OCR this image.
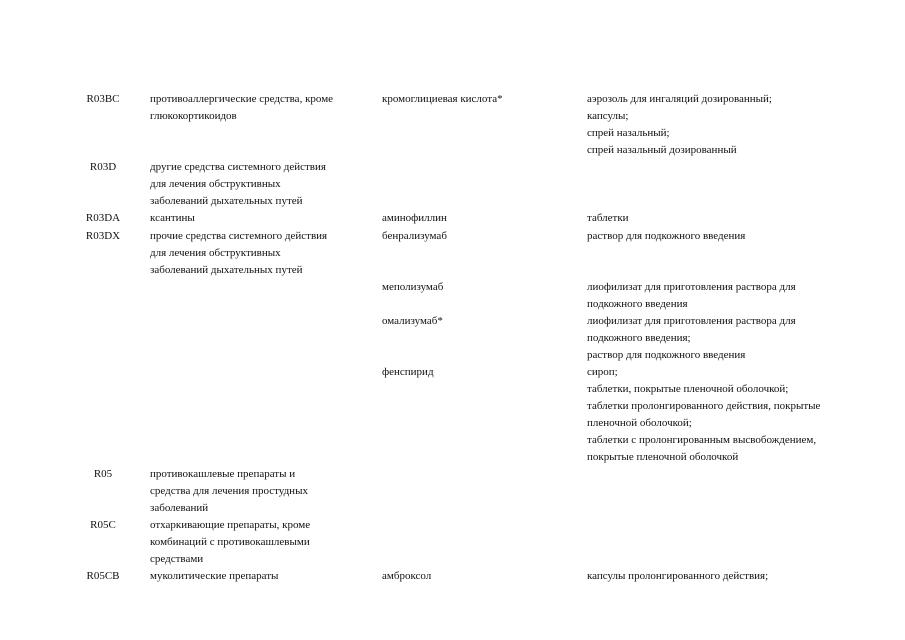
R03BC	противоаллергические средства, кроме
глюкокортикоидов
кромоглициевая кислота*	аэрозоль для ингаляций дозированный;
капсулы;
спрей назальный;
спрей назальный дозированный
R03D	другие средства системного действия
для лечения обструктивных
заболеваний дыхательных путей
R03DA	ксантины	аминофиллин	таблетки
R03DX	прочие средства системного действия
для лечения обструктивных
заболеваний дыхательных путей
бенрализумаб	раствор для подкожного введения
меполизумаб	лиофилизат для приготовления раствора для
подкожного введения
омализумаб*	лиофилизат для приготовления раствора для
подкожного введения;
раствор для подкожного введения
фенспирид	сироп;
таблетки, покрытые пленочной оболочкой;
таблетки пролонгированного действия, покрытые
пленочной оболочкой;
таблетки с пролонгированным высвобождением,
покрытые пленочной оболочкой
R05	противокашлевые препараты и
средства для лечения простудных
заболеваний
R05C	отхаркивающие препараты, кроме
комбинаций с противокашлевыми
средствами
R05CB	муколитические препараты	амброксол	капсулы пролонгированного действия;
